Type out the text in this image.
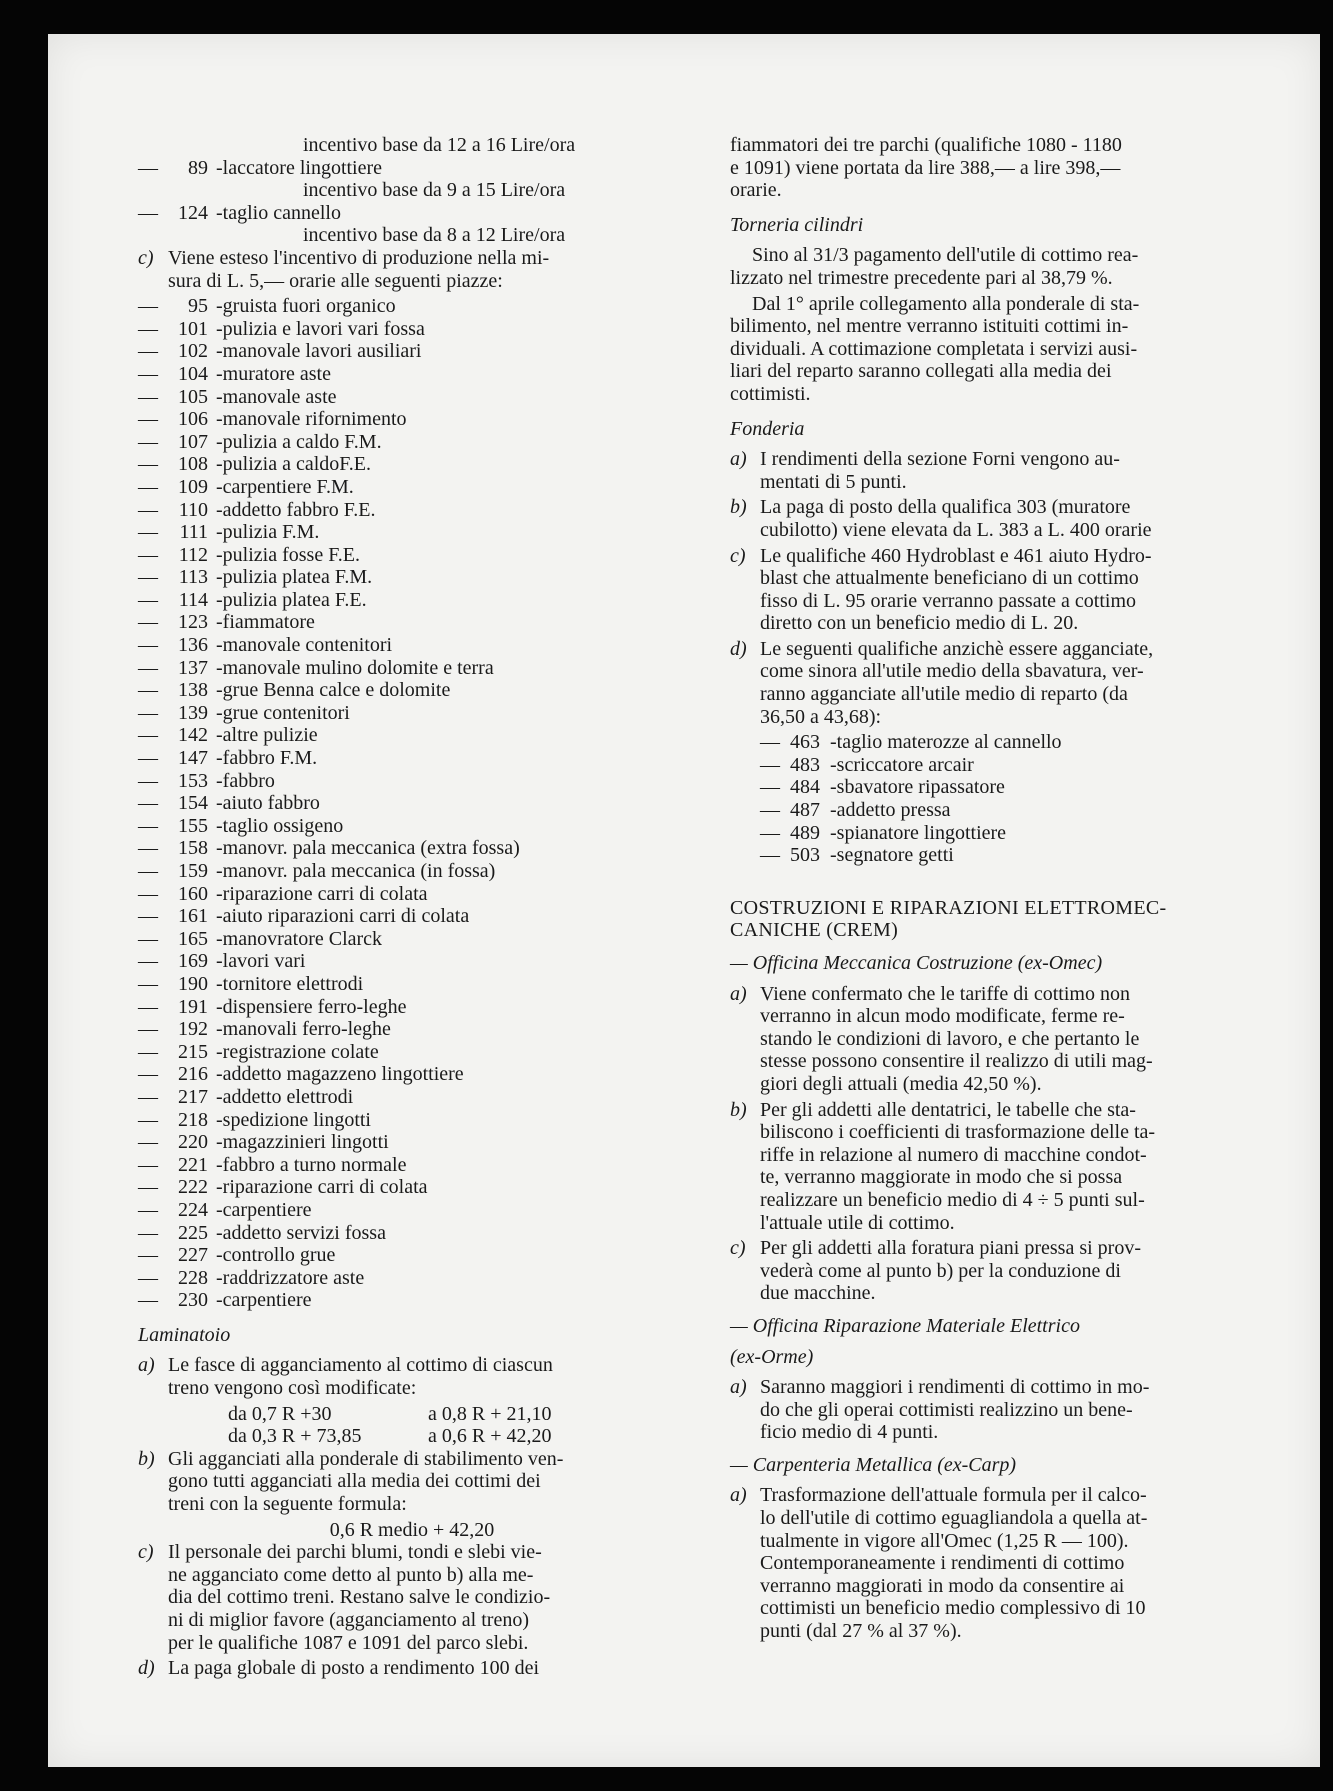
incentivo base da 12 a 16 Lire/ora
—	89 - laccatore lingottiere
incentivo base da 9 a 15 Lire/ora
—	124 - taglio cannello
incentivo base da 8 a 12 Lire/ora
c) Viene esteso l'incentivo di produzione nella mi-
sura di L. 5,— orarie alle seguenti piazze:
—	95 - gruista fuori organico
—	101 - pulizia e lavori vari fossa
—	102 - manovale lavori ausiliari
—	104 - muratore aste
—	105 - manovale aste
—	106 - manovale rifornimento
—	107 - pulizia a caldo F.M.
—	108 - pulizia a caldoF.E.
—	109 - carpentiere F.M.
—	110 - addetto fabbro F.E.
—	111 - pulizia F.M.
—	112 - pulizia fosse F.E.
—	113 - pulizia platea F.M.
—	114 - pulizia platea F.E.
—	123 - fiammatore
—	136 - manovale contenitori
—	137 - manovale mulino dolomite e terra
—	138 - grue Benna calce e dolomite
—	139 - grue contenitori
—	142 - altre pulizie
—	147 - fabbro F.M.
—	153 - fabbro
—	154 - aiuto fabbro
—	155 - taglio ossigeno
—	158 - manovr. pala meccanica (extra fossa)
—	159 - manovr. pala meccanica (in fossa)
—	160 - riparazione carri di colata
—	161 - aiuto riparazioni carri di colata
—	165 - manovratore Clarck
—	169 - lavori vari
—	190 - tornitore elettrodi
—	191 - dispensiere ferro-leghe
—	192 - manovali ferro-leghe
—	215 - registrazione colate
—	216 - addetto magazzeno lingottiere
—	217 - addetto elettrodi
—	218 - spedizione lingotti
—	220 - magazzinieri lingotti
—	221 - fabbro a turno normale
—	222 - riparazione carri di colata
—	224 - carpentiere
—	225 - addetto servizi fossa
—	227 - controllo grue
—	228 - raddrizzatore aste
—	230 - carpentiere
Laminatoio
a) Le fasce di agganciamento al cottimo di ciascun
treno vengono così modificate:
da 0,7 R +30	a 0,8 R + 21,10
da 0,3 R + 73,85	a 0,6 R + 42,20
b) Gli agganciati alla ponderale di stabilimento ven-
gono tutti agganciati alla media dei cottimi dei
treni con la seguente formula:
0,6 R medio + 42,20
c) Il personale dei parchi blumi, tondi e slebi vie-
ne agganciato come detto al punto b) alla me-
dia del cottimo treni. Restano salve le condizio-
ni di miglior favore (agganciamento al treno)
per le qualifiche 1087 e 1091 del parco slebi.
d) La paga globale di posto a rendimento 100 dei
fiammatori dei tre parchi (qualifiche 1080 - 1180
e 1091) viene portata da lire 388,— a lire 398,—
orarie.
Torneria cilindri
Sino al 31/3 pagamento dell'utile di cottimo rea-
lizzato nel trimestre precedente pari al 38,79 %.
Dal 1° aprile collegamento alla ponderale di sta-
bilimento, nel mentre verranno istituiti cottimi in-
dividuali. A cottimazione completata i servizi ausi-
liari del reparto saranno collegati alla media dei
cottimisti.
Fonderia
a) I rendimenti della sezione Forni vengono au-
mentati di 5 punti.
b) La paga di posto della qualifica 303 (muratore
cubilotto) viene elevata da L. 383 a L. 400 orarie
c) Le qualifiche 460 Hydroblast e 461 aiuto Hydro-
blast che attualmente beneficiano di un cottimo
fisso di L. 95 orarie verranno passate a cottimo
diretto con un beneficio medio di L. 20.
d) Le seguenti qualifiche anzichè essere agganciate,
come sinora all'utile medio della sbavatura, ver-
ranno agganciate all'utile medio di reparto (da
36,50 a 43,68):
— 463 - taglio materozze al cannello
— 483 - scriccatore arcair
— 484 - sbavatore ripassatore
— 487 - addetto pressa
— 489 - spianatore lingottiere
— 503 - segnatore getti
COSTRUZIONI E RIPARAZIONI ELETTROMEC-
CANICHE (CREM)
— Officina Meccanica Costruzione (ex-Omec)
a) Viene confermato che le tariffe di cottimo non
verranno in alcun modo modificate, ferme re-
stando le condizioni di lavoro, e che pertanto le
stesse possono consentire il realizzo di utili mag-
giori degli attuali (media 42,50 %).
b) Per gli addetti alle dentatrici, le tabelle che sta-
biliscono i coefficienti di trasformazione delle ta-
riffe in relazione al numero di macchine condot-
te, verranno maggiorate in modo che si possa
realizzare un beneficio medio di 4 ÷ 5 punti sul-
l'attuale utile di cottimo.
c) Per gli addetti alla foratura piani pressa si prov-
vederà come al punto b) per la conduzione di
due macchine.
— Officina Riparazione Materiale Elettrico
(ex-Orme)
a) Saranno maggiori i rendimenti di cottimo in mo-
do che gli operai cottimisti realizzino un bene-
ficio medio di 4 punti.
— Carpenteria Metallica (ex-Carp)
a) Trasformazione dell'attuale formula per il calco-
lo dell'utile di cottimo eguagliandola a quella at-
tualmente in vigore all'Omec (1,25 R — 100).
Contemporaneamente i rendimenti di cottimo
verranno maggiorati in modo da consentire ai
cottimisti un beneficio medio complessivo di 10
punti (dal 27 % al 37 %).
